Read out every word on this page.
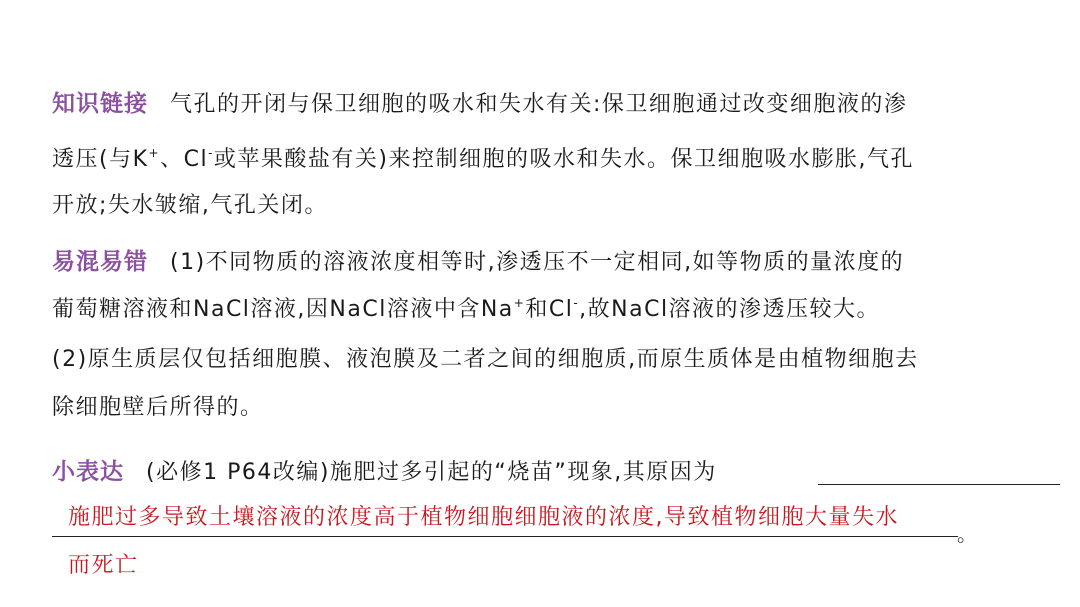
知识链接 气孔的开闭与保卫细胞的吸水和失水有关:保卫细胞通过改变细胞液的渗
透压(与K+、Cl-或苹果酸盐有关)来控制细胞的吸水和失水。保卫细胞吸水膨胀,气孔
开放;失水皱缩,气孔关闭。
易混易错 (1)不同物质的溶液浓度相等时,渗透压不一定相同,如等物质的量浓度的
葡萄糖溶液和NaCl溶液,因NaCl溶液中含Na+和Cl-,故NaCl溶液的渗透压较大。
(2)原生质层仅包括细胞膜、液泡膜及二者之间的细胞质,而原生质体是由植物细胞去
除细胞壁后所得的。
小表达 (必修1 P64改编)施肥过多引起的“烧苗”现象,其原因为
施肥过多导致土壤溶液的浓度高于植物细胞细胞液的浓度,导致植物细胞大量失水
。
而死亡
